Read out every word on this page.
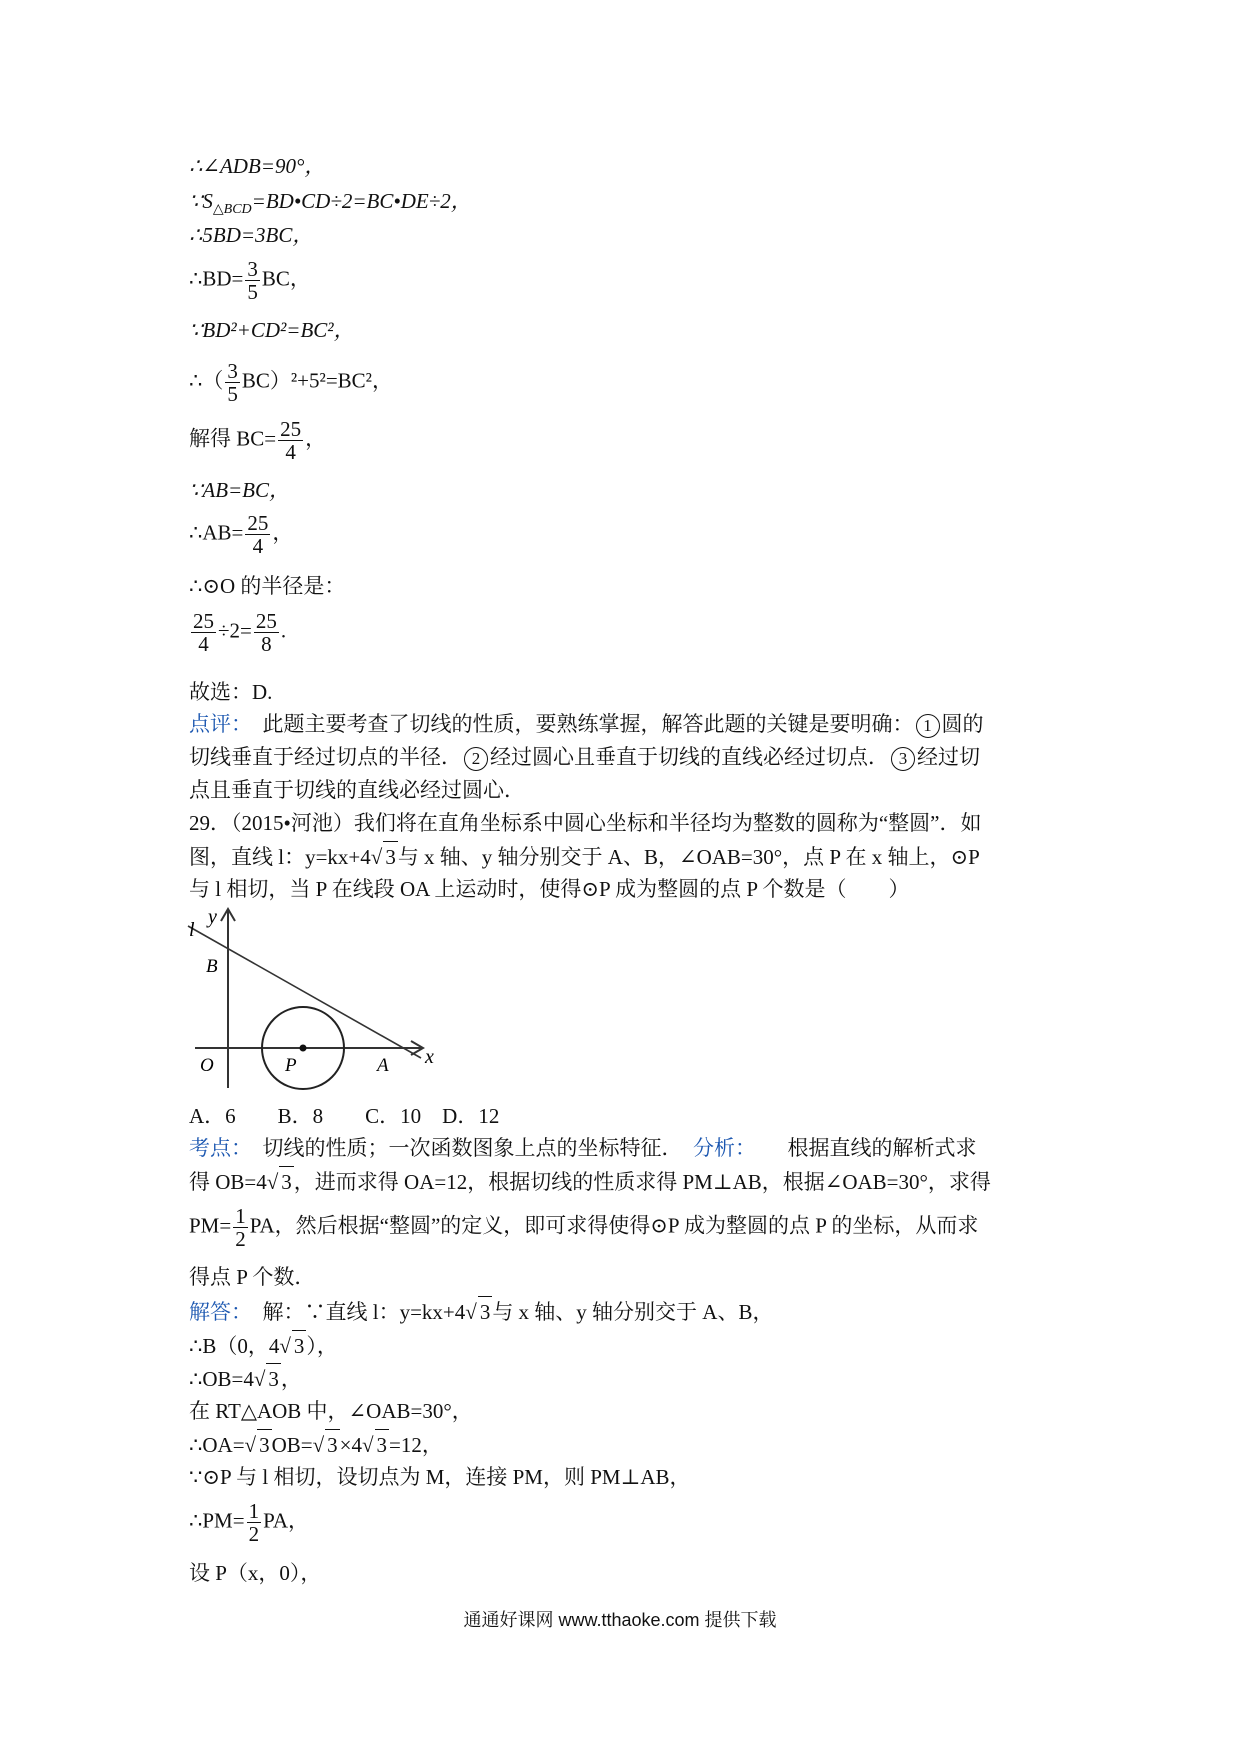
∴∠ADB=90°，
$\because S_{\triangle BCD}=BD•CD\div 2=BC•DE\div 2$，
∴5BD=3BC，
∴BD= $\frac{3}{5}$ BC，
∵BD²+CD²=BC²，
∴（ $\frac{3}{5} BC)^2+5^2=BC^2$，
解得 $BC= \frac{25}{4}$ ，
∵AB=BC，
∴AB= $\frac{25}{4}$ ，
∴⊙O 的半径是：
$\frac{25}{4} \div 2= \frac{25}{8}$ .
故选：D.
点评： 此题主要考查了切线的性质，要熟练掌握，解答此题的关键是要明确： 1 圆的
切线垂直于经过切点的半径． 2 经过圆心且垂直于切线的直线必经过切点． 3 经过切
点且垂直于切线的直线必经过圆心．
29．（2015•河池）我们将在直角坐标系中圆心坐标和半径均为整数的圆称为“整圆”．如
图，直线 l：y=kx+4√ 3与 x 轴、y 轴分别交于 A、B，∠OAB=30°，点 P 在 x 轴上，⊙P
与 l 相切，当 P 在线段 OA 上运动时，使得⊙P 成为整圆的点 P 个数是（　　）
l
y
B
O	P	A x
A．6　　B．8　　C．10　D．12
考点： 切线的性质；一次函数图象上点的坐标特征． 分析： 根据直线的解析式求
得 OB=4√ 3，进而求得 OA=12，根据切线的性质求得 PM⊥AB，根据∠OAB=30°，求得
$PM= \frac{1}{2}$ PA，然后根据“整圆”的定义，即可求得使得⊙P 成为整圆的点 P 的坐标，从而求
得点 P 个数．
解答： 解：∵直线 l：y=kx+4√ 3与 x 轴、y 轴分别交于 A、B，
∴B（0，4√ 3），
∴OB=4√ 3，
在 RT△AOB 中，∠OAB=30°，
∴OA=√ 3OB=√ 3×4√ 3=12，
∵⊙P 与 l 相切，设切点为 M，连接 PM，则 PM⊥AB，
∴PM= $\frac{1}{2}$ PA，
设 P（x，0），
通通好课网 www.tthaoke.com 提供下载
